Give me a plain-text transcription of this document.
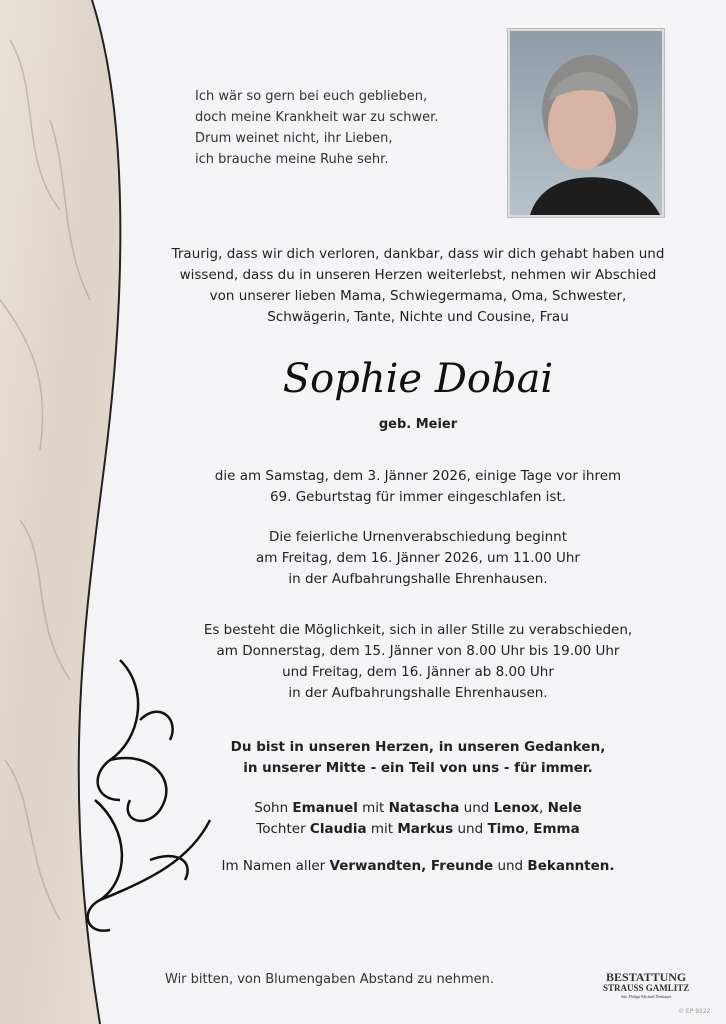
Ich wär so gern bei euch geblieben,
doch meine Krankheit war zu schwer.
Drum weinet nicht, ihr Lieben,
ich brauche meine Ruhe sehr.
Traurig, dass wir dich verloren, dankbar, dass wir dich gehabt haben und
wissend, dass du in unseren Herzen weiterlebst, nehmen wir Abschied
von unserer lieben Mama, Schwiegermama, Oma, Schwester,
Schwägerin, Tante, Nichte und Cousine, Frau
Sophie Dobai
geb. Meier
die am Samstag, dem 3. Jänner 2026, einige Tage vor ihrem
69. Geburtstag für immer eingeschlafen ist.
Die feierliche Urnenverabschiedung beginnt
am Freitag, dem 16. Jänner 2026, um 11.00 Uhr
in der Aufbahrungshalle Ehrenhausen.
Es besteht die Möglichkeit, sich in aller Stille zu verabschieden,
am Donnerstag, dem 15. Jänner von 8.00 Uhr bis 19.00 Uhr
und Freitag, dem 16. Jänner ab 8.00 Uhr
in der Aufbahrungshalle Ehrenhausen.
Du bist in unseren Herzen, in unseren Gedanken,
in unserer Mitte - ein Teil von uns - für immer.
Sohn Emanuel mit Natascha und Lenox, Nele
Tochter Claudia mit Markus und Timo, Emma
Im Namen aller Verwandten, Freunde und Bekannten.
Wir bitten, von Blumengaben Abstand zu nehmen.	BESTATTUNG
STRAUSS GAMLITZ
Inh. Philipp-Michael Neubauer
© EP 9122
